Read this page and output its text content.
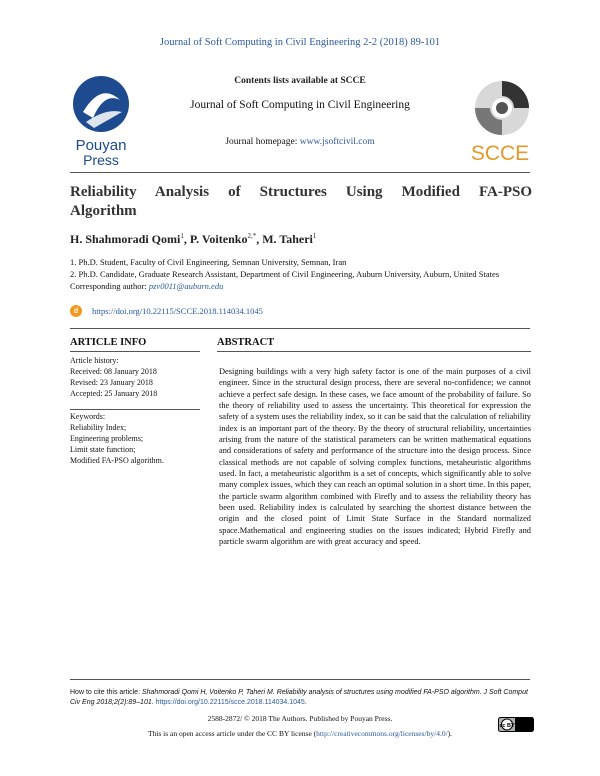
Journal of Soft Computing in Civil Engineering 2-2 (2018) 89-101
Pouyan
Press
Contents lists available at SCCE
Journal of Soft Computing in Civil Engineering
Journal homepage: www.jsoftcivil.com	SCCE
Reliability Analysis of Structures Using Modified FA-PSO Algorithm
H. Shahmoradi Qomi$^1$, P. Voitenko$^{2,*}$, M. Taheri$^1$
1. Ph.D. Student, Faculty of Civil Engineering, Semnan University, Semnan, Iran
2. Ph.D. Candidate, Graduate Research Assistant, Department of Civil Engineering, Auburn University, Auburn, United States
Corresponding author: pzv0011@auburn.edu
d	https://doi.org/10.22115/SCCE.2018.114034.1045
ARTICLE INFO	ABSTRACT
Article history:
Received: 08 January 2018
Revised: 23 January 2018
Accepted: 25 January 2018
Keywords:
Reliability Index;
Engineering problems;
Limit state function;
Modified FA-PSO algorithm.
Designing buildings with a very high safety factor is one of the main purposes of a civil engineer. Since in the structural design process, there are several no-confidence; we cannot achieve a perfect safe design. In these cases, we face amount of the probability of failure. So the theory of reliability used to assess the uncertainty. This theoretical for expression the safety of a system uses the reliability index, so it can be said that the calculation of reliability index is an important part of the theory. By the theory of structural reliability, uncertainties arising from the nature of the statistical parameters can be written mathematical equations and considerations of safety and performance of the structure into the design process. Since classical methods are not capable of solving complex functions, metaheuristic algorithms used. In fact, a metaheuristic algorithm is a set of concepts, which significantly able to solve many complex issues, which they can reach an optimal solution in a short time. In this paper, the particle swarm algorithm combined with Firefly and to assess the reliability theory has been used. Reliability index is calculated by searching the shortest distance between the origin and the closed point of Limit State Surface in the Standard normalized space.Mathematical and engineering studies on the issues indicated; Hybrid Firefly and particle swarm algorithm are with great accuracy and speed.
How to cite this article: Shahmoradi Qomi H, Voitenko P, Taheri M. Reliability analysis of structures using modified FA-PSO algorithm. J Soft Comput Civ Eng 2018;2(2):89–101. https://doi.org/10.22115/scce.2018.114034.1045.
2588-2872/ © 2018 The Authors. Published by Pouyan Press.
This is an open access article under the CC BY license (http://creativecommons.org/licenses/by/4.0/).
cc BY
